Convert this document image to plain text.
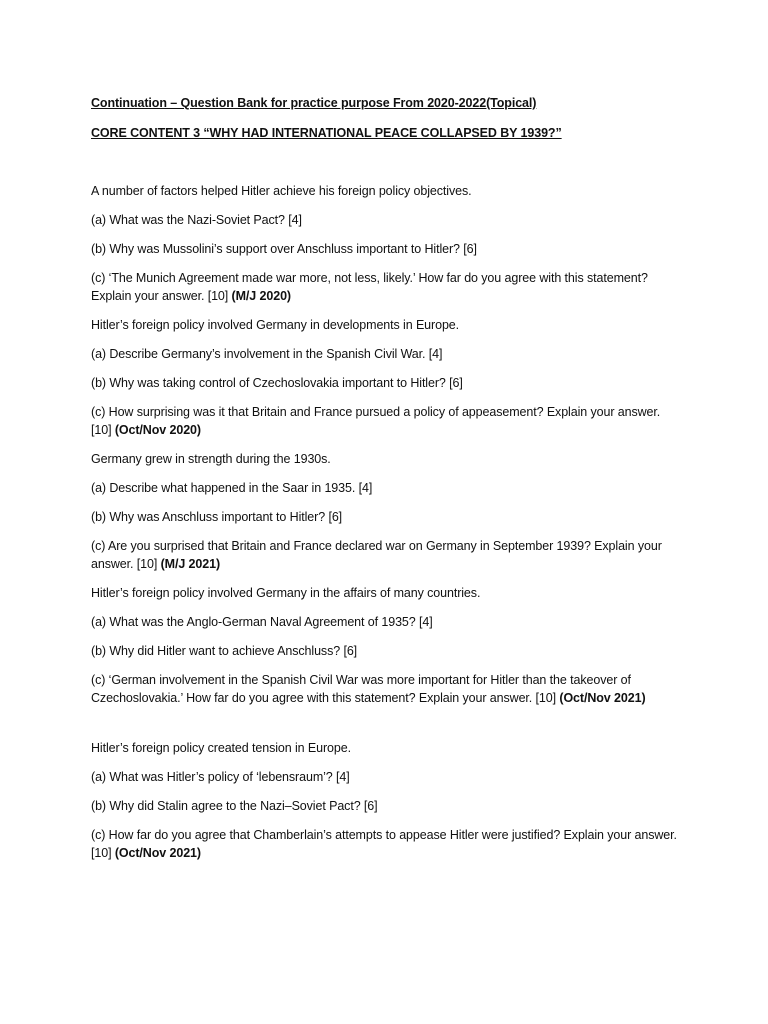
Continuation – Question Bank for practice purpose From 2020-2022(Topical)

CORE CONTENT 3 “WHY HAD INTERNATIONAL PEACE COLLAPSED BY 1939?”

A number of factors helped Hitler achieve his foreign policy objectives.

(a) What was the Nazi-Soviet Pact? [4]

(b) Why was Mussolini’s support over Anschluss important to Hitler? [6]

(c) ‘The Munich Agreement made war more, not less, likely.’ How far do you agree with this statement? Explain your answer. [10] (M/J 2020)

Hitler’s foreign policy involved Germany in developments in Europe.

(a) Describe Germany’s involvement in the Spanish Civil War. [4]

(b) Why was taking control of Czechoslovakia important to Hitler? [6]

(c) How surprising was it that Britain and France pursued a policy of appeasement? Explain your answer. [10] (Oct/Nov 2020)

Germany grew in strength during the 1930s.

(a) Describe what happened in the Saar in 1935. [4]

(b) Why was Anschluss important to Hitler? [6]

(c) Are you surprised that Britain and France declared war on Germany in September 1939? Explain your answer. [10] (M/J 2021)

Hitler’s foreign policy involved Germany in the affairs of many countries.

(a) What was the Anglo-German Naval Agreement of 1935? [4]

(b) Why did Hitler want to achieve Anschluss? [6]

(c) ‘German involvement in the Spanish Civil War was more important for Hitler than the takeover of Czechoslovakia.’ How far do you agree with this statement? Explain your answer. [10] (Oct/Nov 2021)

Hitler’s foreign policy created tension in Europe.

(a) What was Hitler’s policy of ‘lebensraum’? [4]

(b) Why did Stalin agree to the Nazi–Soviet Pact? [6]

(c) How far do you agree that Chamberlain’s attempts to appease Hitler were justified? Explain your answer. [10] (Oct/Nov 2021)
